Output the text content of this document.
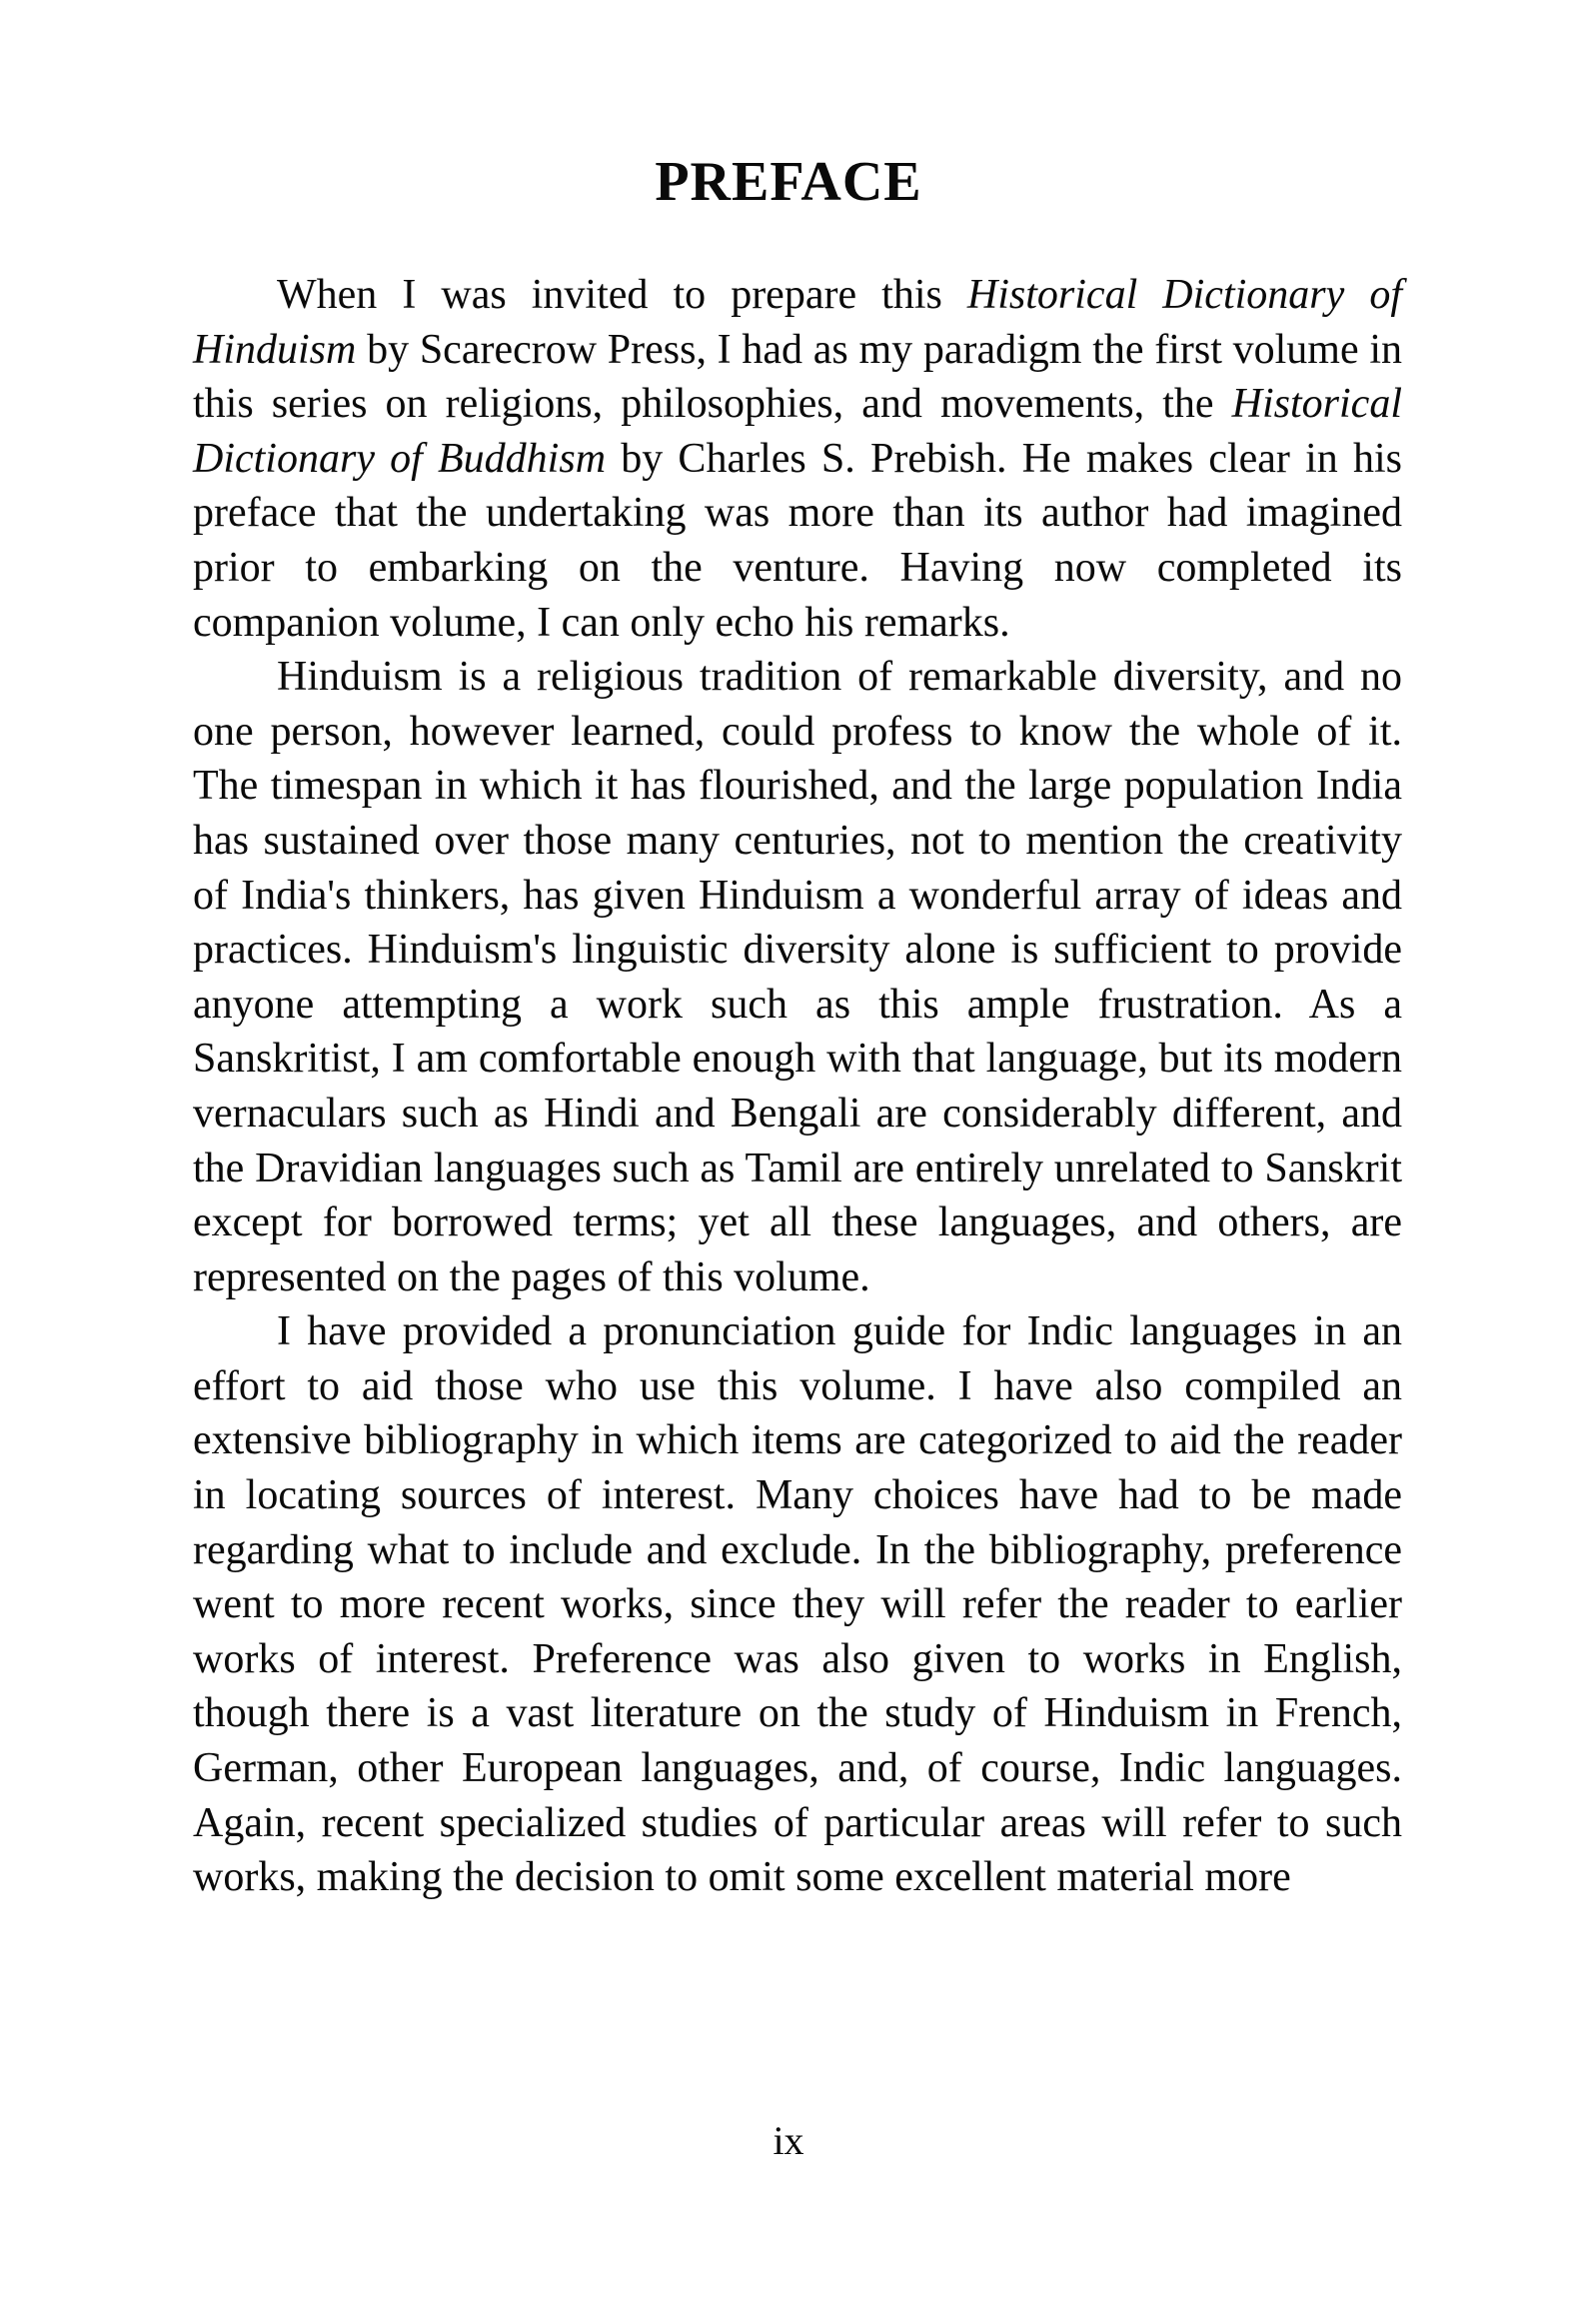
PREFACE

When I was invited to prepare this Historical Dictionary of Hinduism by Scarecrow Press, I had as my paradigm the first volume in this series on religions, philosophies, and movements, the Historical Dictionary of Buddhism by Charles S. Prebish. He makes clear in his preface that the undertaking was more than its author had imagined prior to embarking on the venture. Having now completed its companion volume, I can only echo his remarks.

Hinduism is a religious tradition of remarkable diversity, and no one person, however learned, could profess to know the whole of it. The timespan in which it has flourished, and the large population India has sustained over those many centuries, not to mention the creativity of India's thinkers, has given Hinduism a wonderful array of ideas and practices. Hinduism's linguistic diversity alone is sufficient to provide anyone attempting a work such as this ample frustration. As a Sanskritist, I am comfortable enough with that language, but its modern vernaculars such as Hindi and Bengali are considerably different, and the Dravidian languages such as Tamil are entirely unrelated to Sanskrit except for borrowed terms; yet all these languages, and others, are represented on the pages of this volume.

I have provided a pronunciation guide for Indic languages in an effort to aid those who use this volume. I have also compiled an extensive bibliography in which items are categorized to aid the reader in locating sources of interest. Many choices have had to be made regarding what to include and exclude. In the bibliography, preference went to more recent works, since they will refer the reader to earlier works of interest. Preference was also given to works in English, though there is a vast literature on the study of Hinduism in French, German, other European languages, and, of course, Indic languages. Again, recent specialized studies of particular areas will refer to such works, making the decision to omit some excellent material more

ix
